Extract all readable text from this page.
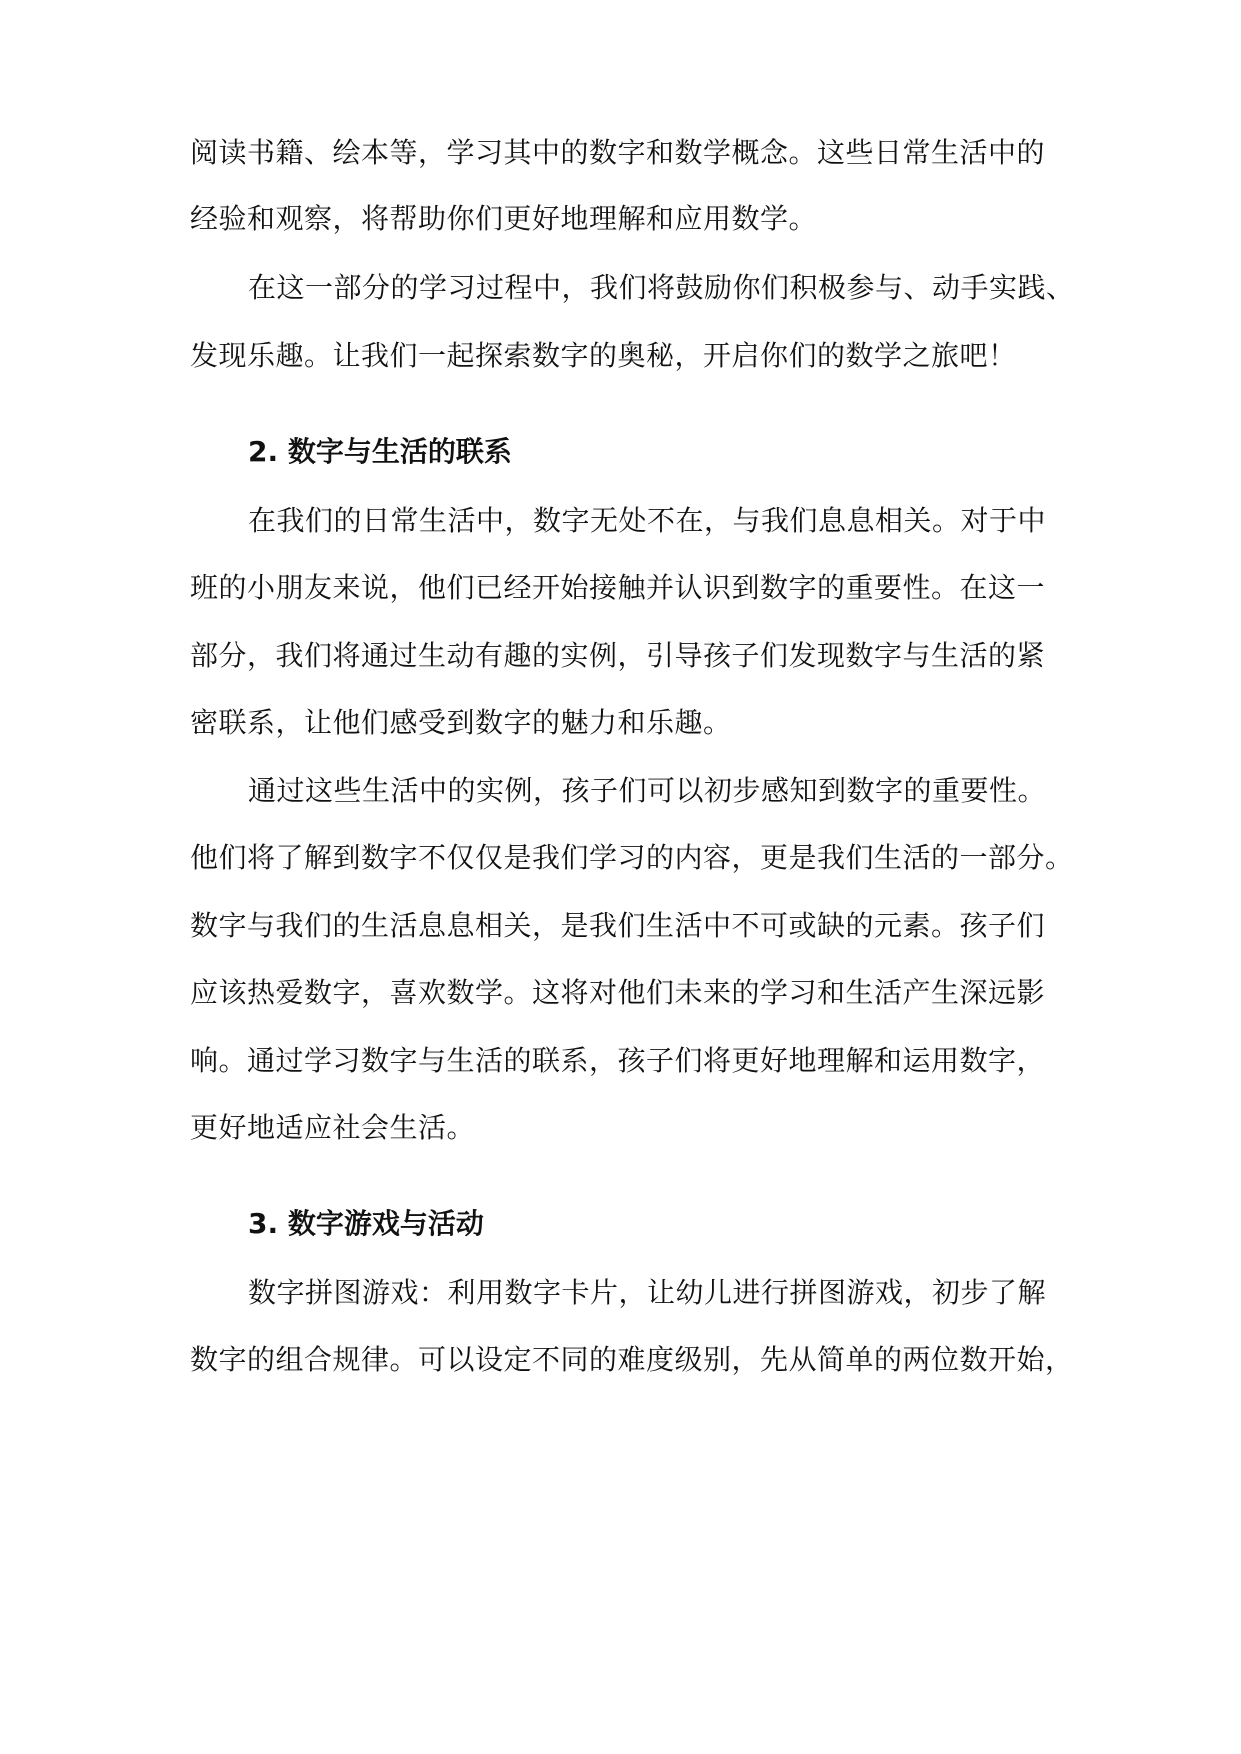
阅读书籍、绘本等，学习其中的数字和数学概念。这些日常生活中的
经验和观察，将帮助你们更好地理解和应用数学。
在这一部分的学习过程中，我们将鼓励你们积极参与、动手实践、
发现乐趣。让我们一起探索数字的奥秘，开启你们的数学之旅吧！
2. 数字与生活的联系
在我们的日常生活中，数字无处不在，与我们息息相关。对于中
班的小朋友来说，他们已经开始接触并认识到数字的重要性。在这一
部分，我们将通过生动有趣的实例，引导孩子们发现数字与生活的紧
密联系，让他们感受到数字的魅力和乐趣。
通过这些生活中的实例，孩子们可以初步感知到数字的重要性。
他们将了解到数字不仅仅是我们学习的内容，更是我们生活的一部分。
数字与我们的生活息息相关，是我们生活中不可或缺的元素。孩子们
应该热爱数字，喜欢数学。这将对他们未来的学习和生活产生深远影
响。通过学习数字与生活的联系，孩子们将更好地理解和运用数字，
更好地适应社会生活。
3. 数字游戏与活动
数字拼图游戏：利用数字卡片，让幼儿进行拼图游戏，初步了解
数字的组合规律。可以设定不同的难度级别，先从简单的两位数开始，
